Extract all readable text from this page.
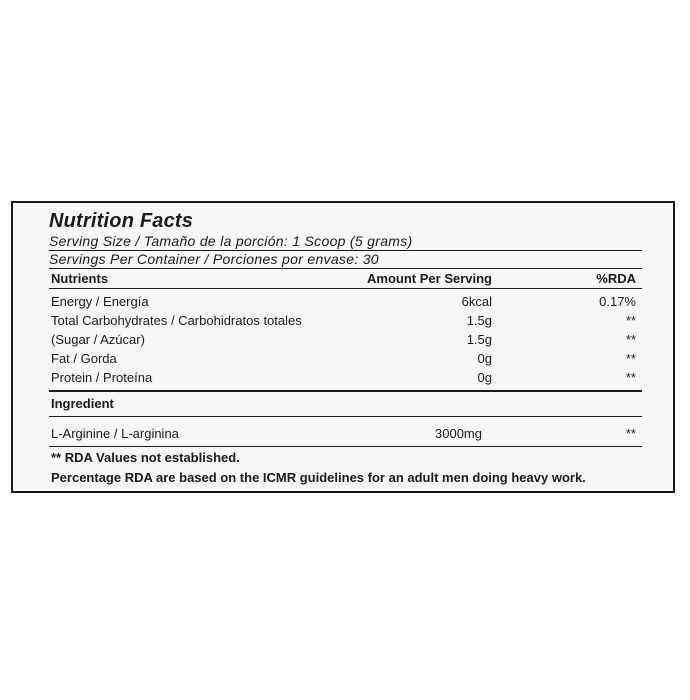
Nutrition Facts
Serving Size / Tamaño de la porción: 1 Scoop (5 grams)
Servings Per Container / Porciones por envase: 30
Nutrients	Amount Per Serving	%RDA
Energy / Energía	6kcal	0.17%
Total Carbohydrates / Carbohidratos totales	1.5g	**
(Sugar / Azúcar)	1.5g	**
Fat / Gorda	0g	**
Protein / Proteína	0g	**
Ingredient
L-Arginine / L-arginina	3000mg	**
** RDA Values not established.
Percentage RDA are based on the ICMR guidelines for an adult men doing heavy work.
